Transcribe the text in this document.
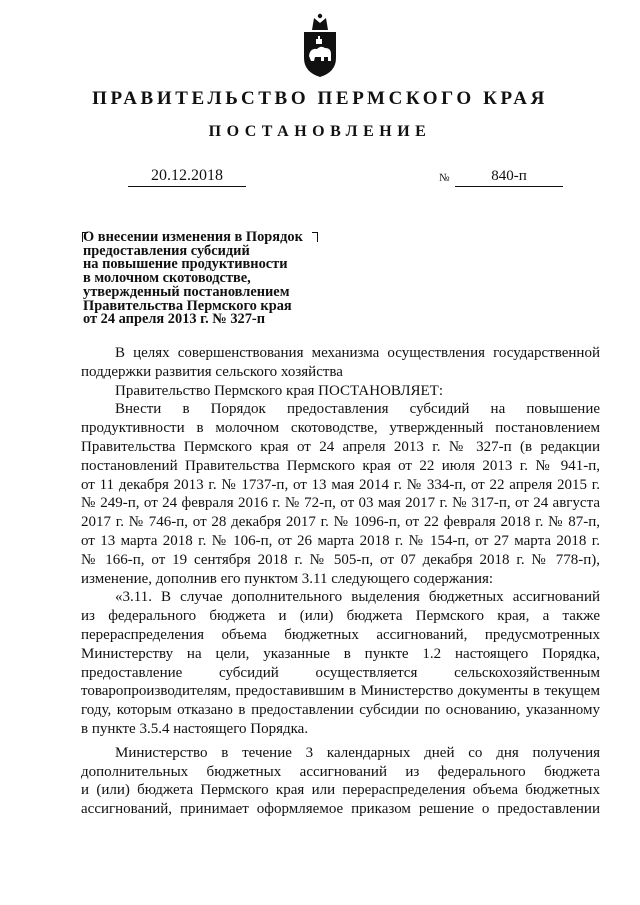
ПРАВИТЕЛЬСТВО ПЕРМСКОГО КРАЯ
ПОСТАНОВЛЕНИЕ
20.12.2018	№	840-п
О внесении изменения в Порядок
предоставления субсидий
на повышение продуктивности
в молочном скотоводстве,
утвержденный постановлением
Правительства Пермского края
от 24 апреля 2013 г. № 327-п
В целях совершенствования механизма осуществления государственной
поддержки развития сельского хозяйства
Правительство Пермского края ПОСТАНОВЛЯЕТ:
Внести в Порядок предоставления субсидий на повышение
продуктивности в молочном скотоводстве, утвержденный постановлением
Правительства Пермского края от 24 апреля 2013 г. № 327-п (в редакции
постановлений Правительства Пермского края от 22 июля 2013 г. № 941-п,
от 11 декабря 2013 г. № 1737-п, от 13 мая 2014 г. № 334-п, от 22 апреля 2015 г.
№ 249-п, от 24 февраля 2016 г. № 72-п, от 03 мая 2017 г. № 317-п, от 24 августа
2017 г. № 746-п, от 28 декабря 2017 г. № 1096-п, от 22 февраля 2018 г. № 87-п,
от 13 марта 2018 г. № 106-п, от 26 марта 2018 г. № 154-п, от 27 марта 2018 г.
№ 166-п, от 19 сентября 2018 г. № 505-п, от 07 декабря 2018 г. № 778-п),
изменение, дополнив его пунктом 3.11 следующего содержания:
«3.11. В случае дополнительного выделения бюджетных ассигнований
из федерального бюджета и (или) бюджета Пермского края, а также
перераспределения объема бюджетных ассигнований, предусмотренных
Министерству на цели, указанные в пункте 1.2 настоящего Порядка,
предоставление субсидий осуществляется сельскохозяйственным
товаропроизводителям, предоставившим в Министерство документы в текущем
году, которым отказано в предоставлении субсидии по основанию, указанному
в пункте 3.5.4 настоящего Порядка.
Министерство в течение 3 календарных дней со дня получения
дополнительных бюджетных ассигнований из федерального бюджета
и (или) бюджета Пермского края или перераспределения объема бюджетных
ассигнований, принимает оформляемое приказом решение о предоставлении
